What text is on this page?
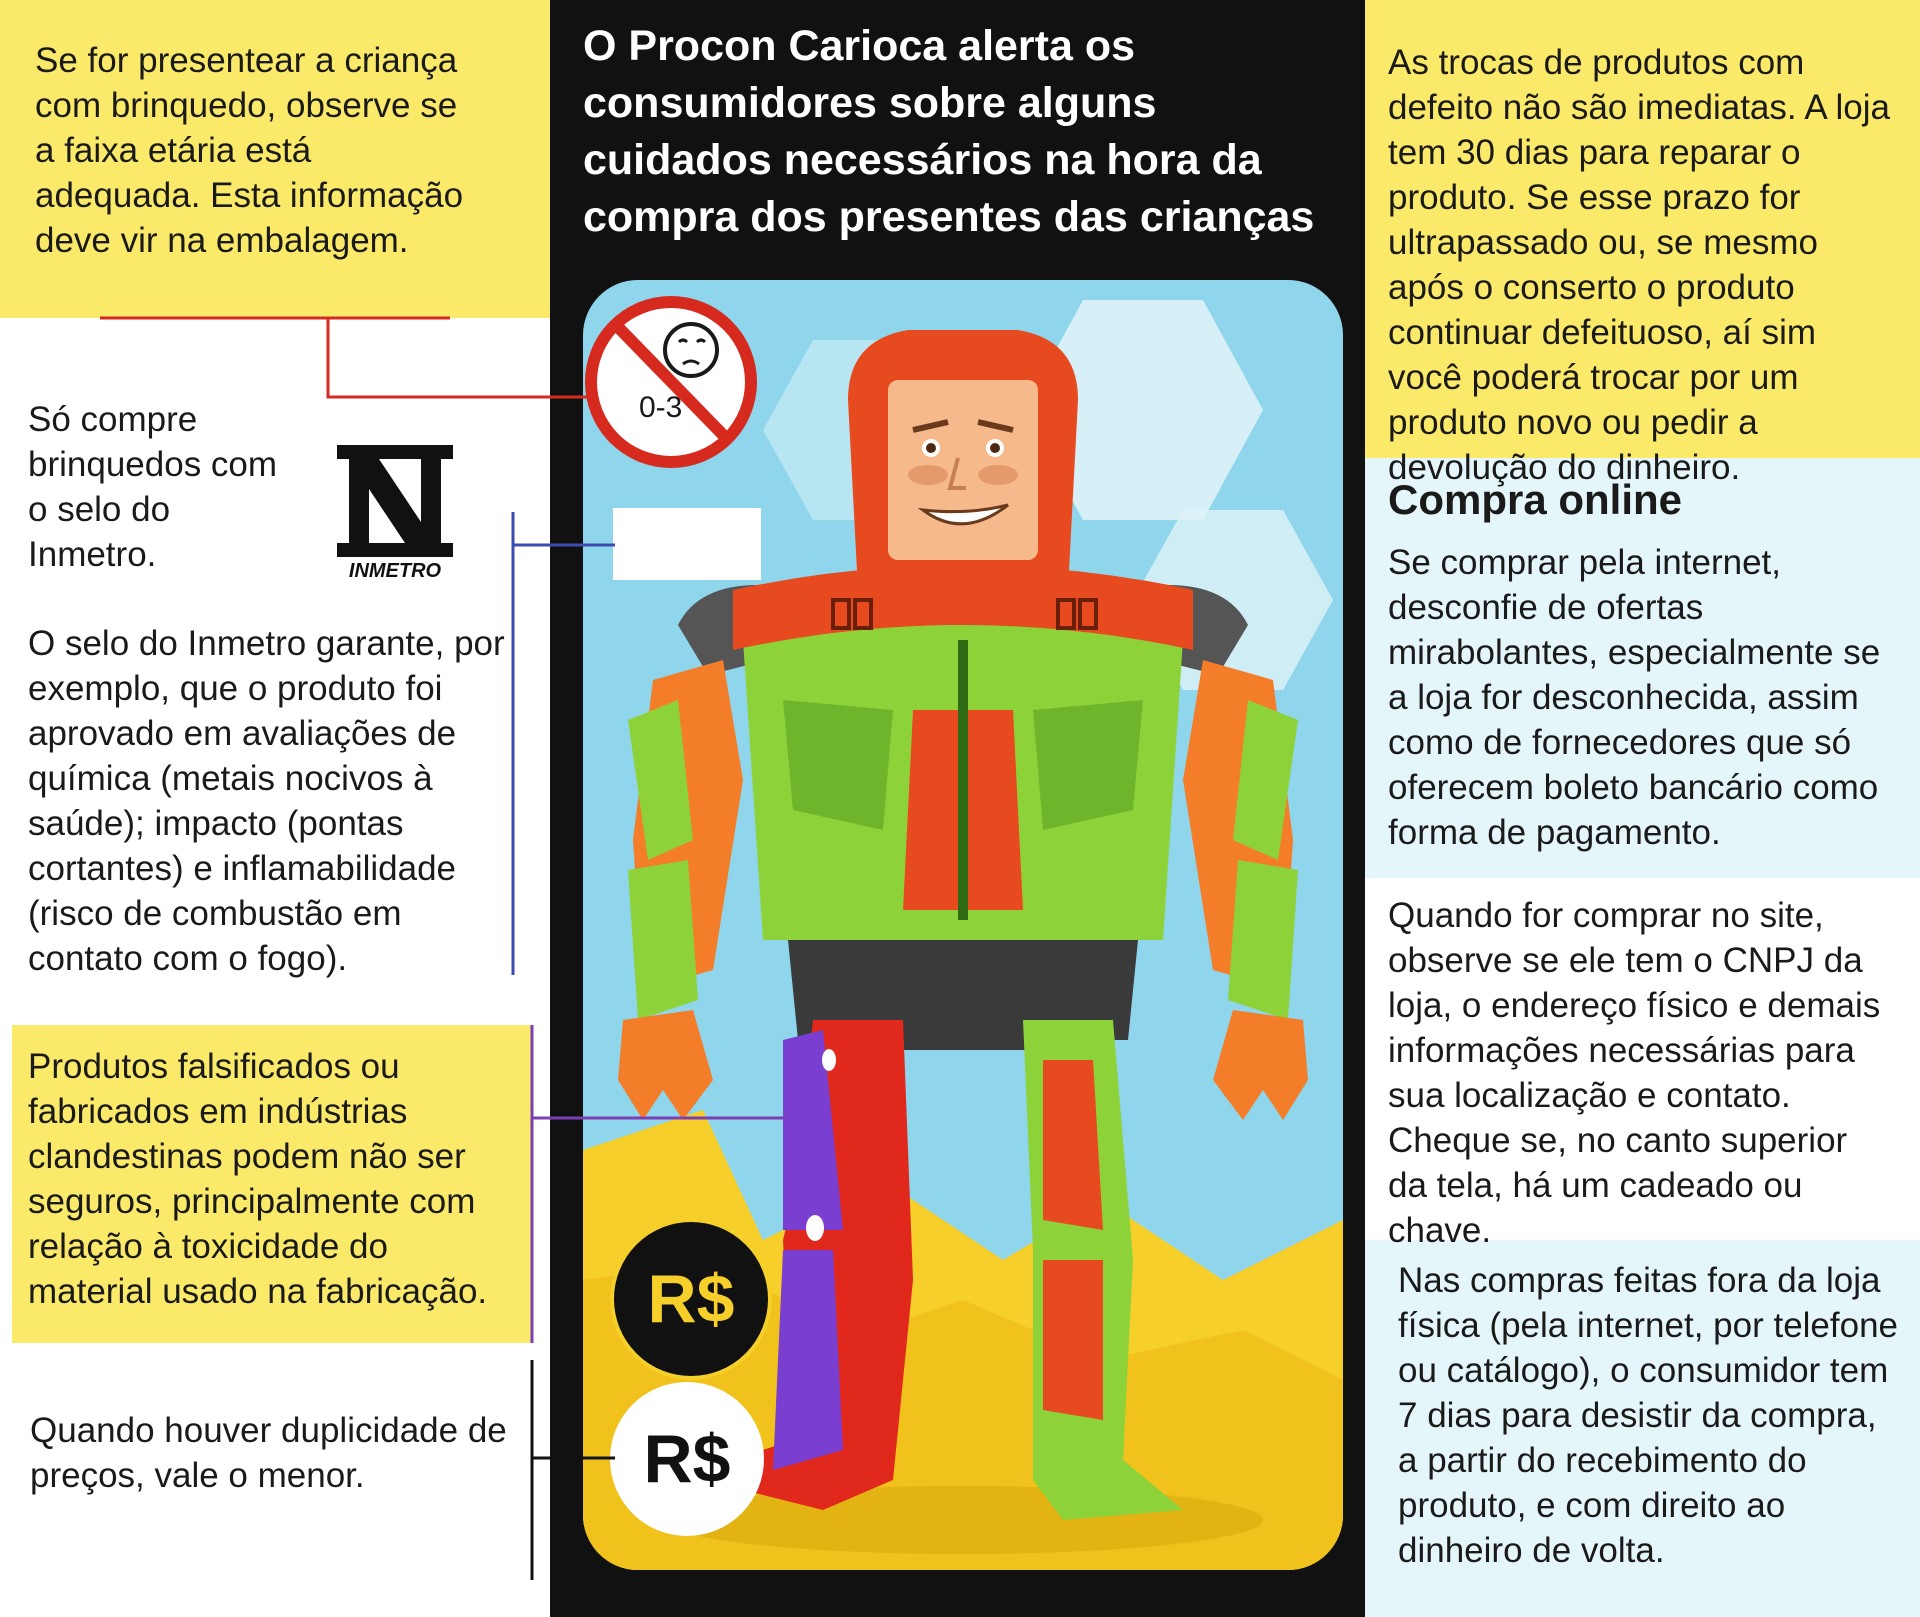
O Procon Carioca alerta os consumidores sobre alguns cuidados necessários na hora da compra dos presentes das crianças

0-3
R$
R$
INMETRO

Se for presentear a criança com brinquedo, observe se a faixa etária está adequada. Esta informação deve vir na embalagem.

Só compre brinquedos com o selo do Inmetro.

O selo do Inmetro garante, por exemplo, que o produto foi aprovado em avaliações de química (metais nocivos à saúde); impacto (pontas cortantes) e inflamabilidade (risco de combustão em contato com o fogo).

Produtos falsificados ou fabricados em indústrias clandestinas podem não ser seguros, principalmente com relação à toxicidade do material usado na fabricação.

Quando houver duplicidade de preços, vale o menor.

As trocas de produtos com defeito não são imediatas. A loja tem 30 dias para reparar o produto. Se esse prazo for ultrapassado ou, se mesmo após o conserto o produto continuar defeituoso, aí sim você poderá trocar por um produto novo ou pedir a devolução do dinheiro.

Compra online

Se comprar pela internet, desconfie de ofertas mirabolantes, especialmente se a loja for desconhecida, assim como de fornecedores que só oferecem boleto bancário como forma de pagamento.

Quando for comprar no site, observe se ele tem o CNPJ da loja, o endereço físico e demais informações necessárias para sua localização e contato. Cheque se, no canto superior da tela, há um cadeado ou chave.

Nas compras feitas fora da loja física (pela internet, por telefone ou catálogo), o consumidor tem 7 dias para desistir da compra, a partir do recebimento do produto, e com direito ao dinheiro de volta.
